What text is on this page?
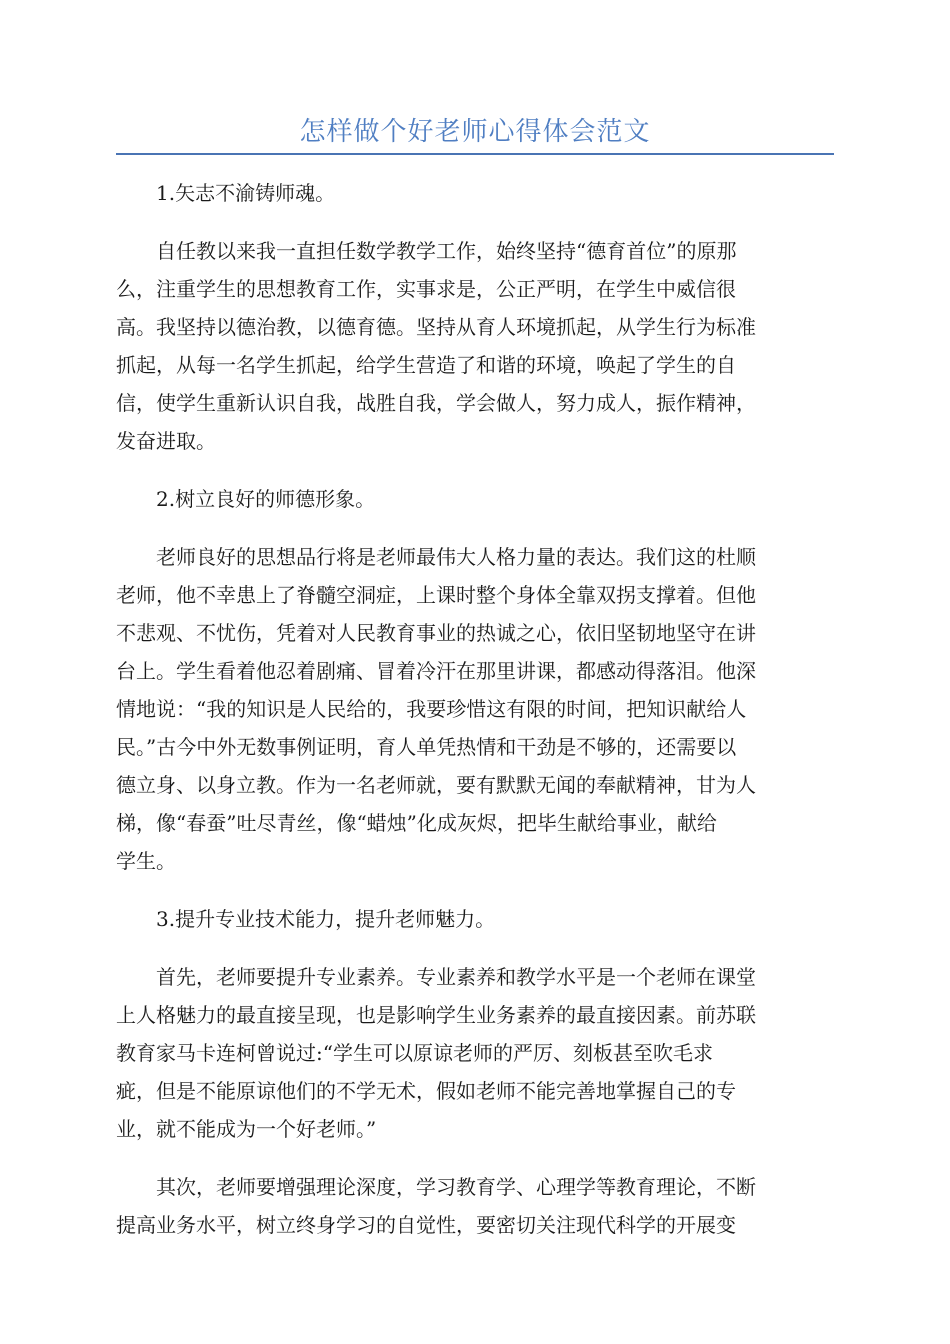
怎样做个好老师心得体会范文

1.矢志不渝铸师魂。

自任教以来我一直担任数学教学工作，始终坚持“德育首位”的原那
么，注重学生的思想教育工作，实事求是，公正严明，在学生中威信很
高。我坚持以德治教，以德育德。坚持从育人环境抓起，从学生行为标准
抓起，从每一名学生抓起，给学生营造了和谐的环境，唤起了学生的自
信，使学生重新认识自我，战胜自我，学会做人，努力成人，振作精神，
发奋进取。

2.树立良好的师德形象。

老师良好的思想品行将是老师最伟大人格力量的表达。我们这的杜顺
老师，他不幸患上了脊髓空洞症，上课时整个身体全靠双拐支撑着。但他
不悲观、不忧伤，凭着对人民教育事业的热诚之心，依旧坚韧地坚守在讲
台上。学生看着他忍着剧痛、冒着冷汗在那里讲课，都感动得落泪。他深
情地说：“我的知识是人民给的，我要珍惜这有限的时间，把知识献给人
民。”古今中外无数事例证明，育人单凭热情和干劲是不够的，还需要以
德立身、以身立教。作为一名老师就，要有默默无闻的奉献精神，甘为人
梯，像“春蚕”吐尽青丝，像“蜡烛”化成灰烬，把毕生献给事业，献给
学生。

3.提升专业技术能力，提升老师魅力。

首先，老师要提升专业素养。专业素养和教学水平是一个老师在课堂
上人格魅力的最直接呈现，也是影响学生业务素养的最直接因素。前苏联
教育家马卡连柯曾说过:“学生可以原谅老师的严厉、刻板甚至吹毛求
疵，但是不能原谅他们的不学无术，假如老师不能完善地掌握自己的专
业，就不能成为一个好老师。”

其次，老师要增强理论深度，学习教育学、心理学等教育理论，不断
提高业务水平，树立终身学习的自觉性，要密切关注现代科学的开展变
